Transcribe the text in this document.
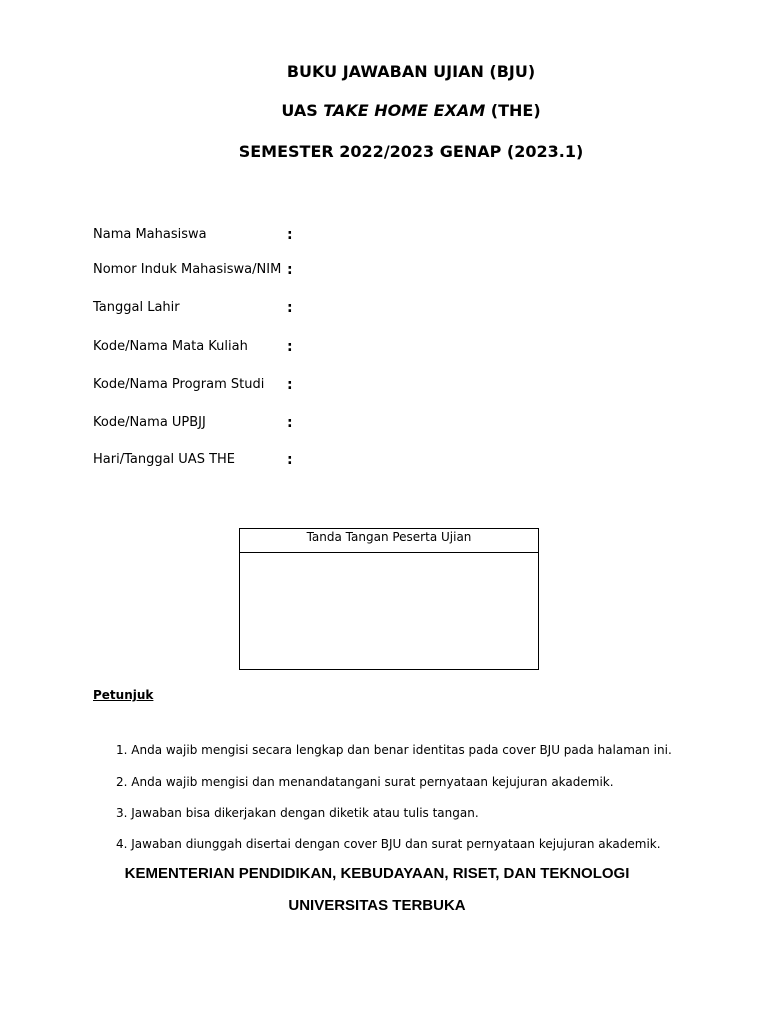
BUKU JAWABAN UJIAN (BJU)
UAS TAKE HOME EXAM (THE)
SEMESTER 2022/2023 GENAP (2023.1)
Nama Mahasiswa	:
Nomor Induk Mahasiswa/NIM :
Tanggal Lahir	:
Kode/Nama Mata Kuliah	:
Kode/Nama Program Studi :
Kode/Nama UPBJJ	:
Hari/Tanggal UAS THE	:
Tanda Tangan Peserta Ujian
Petunjuk
1. Anda wajib mengisi secara lengkap dan benar identitas pada cover BJU pada halaman ini.
2. Anda wajib mengisi dan menandatangani surat pernyataan kejujuran akademik.
3. Jawaban bisa dikerjakan dengan diketik atau tulis tangan.
4. Jawaban diunggah disertai dengan cover BJU dan surat pernyataan kejujuran akademik.
KEMENTERIAN PENDIDIKAN, KEBUDAYAAN, RISET, DAN TEKNOLOGI
UNIVERSITAS TERBUKA
